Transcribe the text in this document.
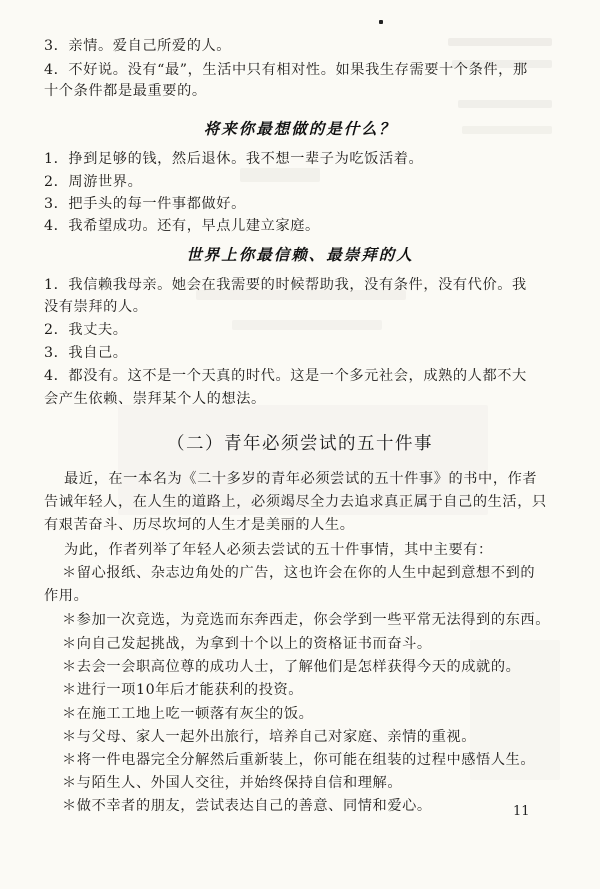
3．亲情。爱自己所爱的人。
4．不好说。没有“最”，生活中只有相对性。如果我生存需要十个条件，那
十个条件都是最重要的。
将来你最想做的是什么？
1．挣到足够的钱，然后退休。我不想一辈子为吃饭活着。
2．周游世界。
3．把手头的每一件事都做好。
4．我希望成功。还有，早点儿建立家庭。
世界上你最信赖、最崇拜的人
1．我信赖我母亲。她会在我需要的时候帮助我，没有条件，没有代价。我
没有崇拜的人。
2．我丈夫。
3．我自己。
4．都没有。这不是一个天真的时代。这是一个多元社会，成熟的人都不大
会产生依赖、崇拜某个人的想法。
（二）青年必须尝试的五十件事
最近，在一本名为《二十多岁的青年必须尝试的五十件事》的书中，作者
告诫年轻人，在人生的道路上，必须竭尽全力去追求真正属于自己的生活，只
有艰苦奋斗、历尽坎坷的人生才是美丽的人生。
为此，作者列举了年轻人必须去尝试的五十件事情，其中主要有：
＊留心报纸、杂志边角处的广告，这也许会在你的人生中起到意想不到的
作用。
＊参加一次竞选，为竞选而东奔西走，你会学到一些平常无法得到的东西。
＊向自己发起挑战，为拿到十个以上的资格证书而奋斗。
＊去会一会职高位尊的成功人士，了解他们是怎样获得今天的成就的。
＊进行一项10年后才能获利的投资。
＊在施工工地上吃一顿落有灰尘的饭。
＊与父母、家人一起外出旅行，培养自己对家庭、亲情的重视。
＊将一件电器完全分解然后重新装上，你可能在组装的过程中感悟人生。
＊与陌生人、外国人交往，并始终保持自信和理解。
＊做不幸者的朋友，尝试表达自己的善意、同情和爱心。	11
